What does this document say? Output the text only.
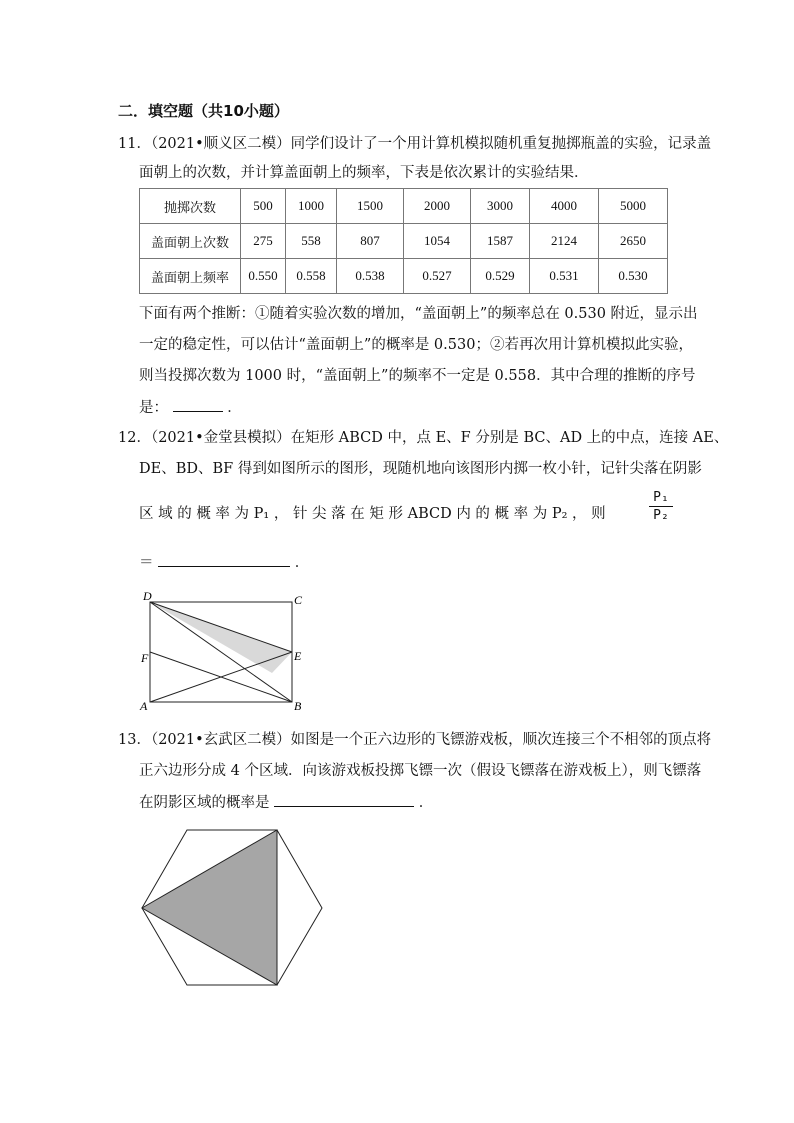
二．填空题（共10小题）
11．（2021•顺义区二模）同学们设计了一个用计算机模拟随机重复抛掷瓶盖的实验，记录盖
面朝上的次数，并计算盖面朝上的频率，下表是依次累计的实验结果．
抛掷次数	500	1000	1500	2000	3000	4000	5000
盖面朝上次数	275	558	807	1054	1587	2124	2650
盖面朝上频率	0.550	0.558	0.538	0.527	0.529	0.531	0.530
下面有两个推断：①随着实验次数的增加，“盖面朝上”的频率总在 0.530 附近，显示出
一定的稳定性，可以估计“盖面朝上”的概率是 0.530；②若再次用计算机模拟此实验，
则当投掷次数为 1000 时，“盖面朝上”的频率不一定是 0.558．其中合理的推断的序号
是：	．
12．（2021•金堂县模拟）在矩形 ABCD 中，点 E、F 分别是 BC、AD 上的中点，连接 AE、
DE、BD、BF 得到如图所示的图形，现随机地向该图形内掷一枚小针，记针尖落在阴影
区 域 的 概 率 为 P₁ ， 针 尖 落 在 矩 形 ABCD 内 的 概 率 为 P₂ ， 则
P₁
P₂
＝	．
D	C
F	E
A	B
13．（2021•玄武区二模）如图是一个正六边形的飞镖游戏板，顺次连接三个不相邻的顶点将
正六边形分成 4 个区域．向该游戏板投掷飞镖一次（假设飞镖落在游戏板上），则飞镖落
在阴影区域的概率是	．
